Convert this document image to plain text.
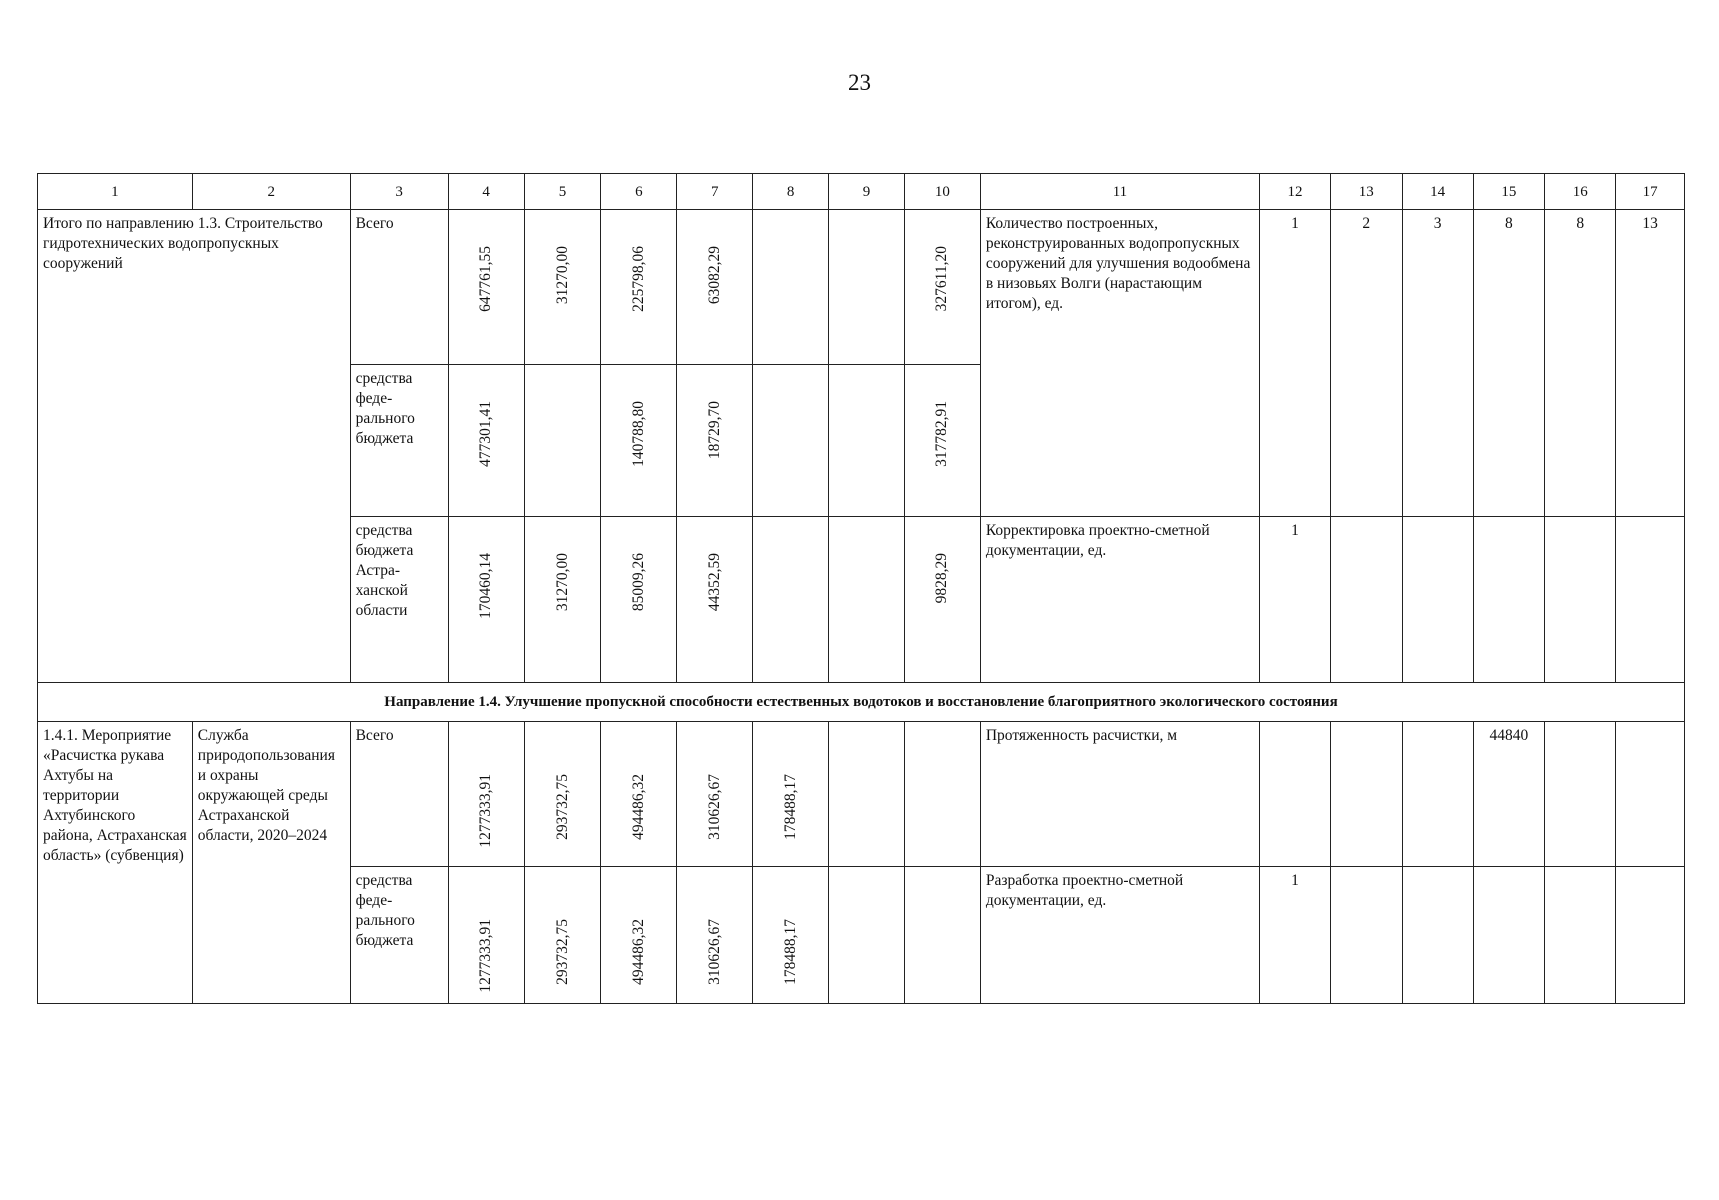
23
1	2	3	4	5	6	7	8	9	10	11	12	13	14	15	16	17
Итого по направлению 1.3. Строительство гидротехнических водопропускных сооружений		Всего	647761,55	31270,00	225798,06	63082,29			327611,20	Количество построенных, реконструированных водопропускных сооружений для улучшения водообмена в низовьях Волги (нарастающим итогом), ед.	1	2	3	8	8	13
		средства феде-рального бюджета	477301,41		140788,80	18729,70			317782,91							
		средства бюджета Астра-ханской области	170460,14	31270,00	85009,26	44352,59			9828,29	Корректировка проектно-сметной документации, ед.	1					
Направление 1.4. Улучшение пропускной способности естественных водотоков и восстановление благоприятного экологического состояния																
1.4.1. Мероприятие «Расчистка рукава Ахтубы на территории Ахтубинского района, Астраханская область» (субвенция)	Служба природопользования и охраны окружающей среды Астраханской области, 2020–2024	Всего	1277333,91	293732,75	494486,32	310626,67	178488,17			Протяженность расчистки, м				44840		
		средства феде-рального бюджета	1277333,91	293732,75	494486,32	310626,67	178488,17			Разработка проектно-сметной документации, ед.	1					
